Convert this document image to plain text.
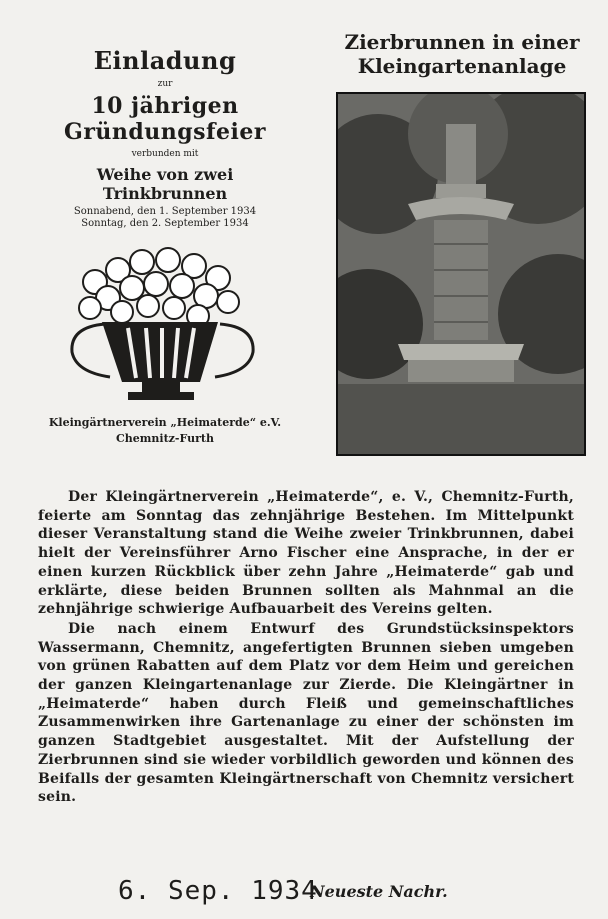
Einladung
zur
10 jährigen Gründungsfeier
verbunden mit
Weihe von zwei Trinkbrunnen
Sonnabend, den 1. September 1934
Sonntag, den 2. September 1934
Kleingärtnerverein „Heimaterde“ e.V.
Chemnitz-Furth
Zierbrunnen in einer
Kleingartenanlage

Der Kleingärtnerverein „Heimaterde“, e. V., Chemnitz-Furth, feierte am Sonntag das zehnjährige Bestehen. Im Mittelpunkt dieser Veranstaltung stand die Weihe zweier Trinkbrunnen, dabei hielt der Vereinsführer Arno Fischer eine Ansprache, in der er einen kurzen Rückblick über zehn Jahre „Heimaterde“ gab und erklärte, diese beiden Brunnen sollten als Mahnmal an die zehnjährige schwierige Aufbauarbeit des Vereins gelten.

Die nach einem Entwurf des Grundstücksinspektors Wassermann, Chemnitz, angefertigten Brunnen sieben umgeben von grünen Rabatten auf dem Platz vor dem Heim und gereichen der ganzen Kleingartenanlage zur Zierde. Die Kleingärtner in „Heimaterde“ haben durch Fleiß und gemeinschaftliches Zusammenwirken ihre Gartenanlage zu einer der schönsten im ganzen Stadtgebiet ausgestaltet. Mit der Aufstellung der Zierbrunnen sind sie wieder vorbildlich geworden und können des Beifalls der gesamten Kleingärtnerschaft von Chemnitz versichert sein.

6. Sep. 1934
Neueste Nachr.
